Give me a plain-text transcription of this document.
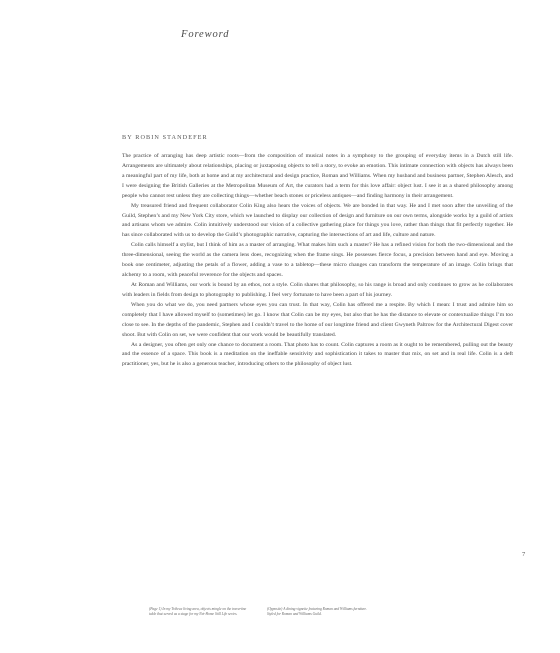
Foreword
BY ROBIN STANDEFER

The practice of arranging has deep artistic roots—from the composition of musical notes in a symphony to the grouping of everyday items in a Dutch still life. Arrangements are ultimately about relationships, placing or juxtaposing objects to tell a story, to evoke an emotion. This intimate connection with objects has always been a meaningful part of my life, both at home and at my architectural and design practice, Roman and Williams. When my husband and business partner, Stephen Alesch, and I were designing the British Galleries at the Metropolitan Museum of Art, the curators had a term for this love affair: object lust. I see it as a shared philosophy among people who cannot rest unless they are collecting things—whether beach stones or priceless antiques—and finding harmony in their arrangement.

My treasured friend and frequent collaborator Colin King also hears the voices of objects. We are bonded in that way. He and I met soon after the unveiling of the Guild, Stephen’s and my New York City store, which we launched to display our collection of design and furniture on our own terms, alongside works by a guild of artists and artisans whom we admire. Colin intuitively understood our vision of a collective gathering place for things you love, rather than things that fit perfectly together. He has since collaborated with us to develop the Guild’s photographic narrative, capturing the intersections of art and life, culture and nature.

Colin calls himself a stylist, but I think of him as a master of arranging. What makes him such a master? He has a refined vision for both the two-dimensional and the three-dimensional, seeing the world as the camera lens does, recognizing when the frame sings. He possesses fierce focus, a precision between hand and eye. Moving a book one centimeter, adjusting the petals of a flower, adding a vase to a tabletop—these micro changes can transform the temperature of an image. Colin brings that alchemy to a room, with peaceful reverence for the objects and spaces.

At Roman and Williams, our work is bound by an ethos, not a style. Colin shares that philosophy, so his range is broad and only continues to grow as he collaborates with leaders in fields from design to photography to publishing. I feel very fortunate to have been a part of his journey.

When you do what we do, you need partners whose eyes you can trust. In that way, Colin has offered me a respite. By which I mean: I trust and admire him so completely that I have allowed myself to (sometimes) let go. I know that Colin can be my eyes, but also that he has the distance to elevate or contextualize things I’m too close to see. In the depths of the pandemic, Stephen and I couldn’t travel to the home of our longtime friend and client Gwyneth Paltrow for the Architectural Digest cover shoot. But with Colin on set, we were confident that our work would be beautifully translated.

As a designer, you often get only one chance to document a room. That photo has to count. Colin captures a room as it ought to be remembered, pulling out the beauty and the essence of a space. This book is a meditation on the ineffable sensitivity and sophistication it takes to master that mix, on set and in real life. Colin is a deft practitioner, yes, but he is also a generous teacher, introducing others to the philosophy of object lust.

7
(Page 1) In my Tribeca living area, objects mingle on the travertine table that served as a stage for my Net-Home Still Life series.
(Opposite) A dining vignette featuring Roman and Williams furniture. Styled for Roman and Williams Guild.
